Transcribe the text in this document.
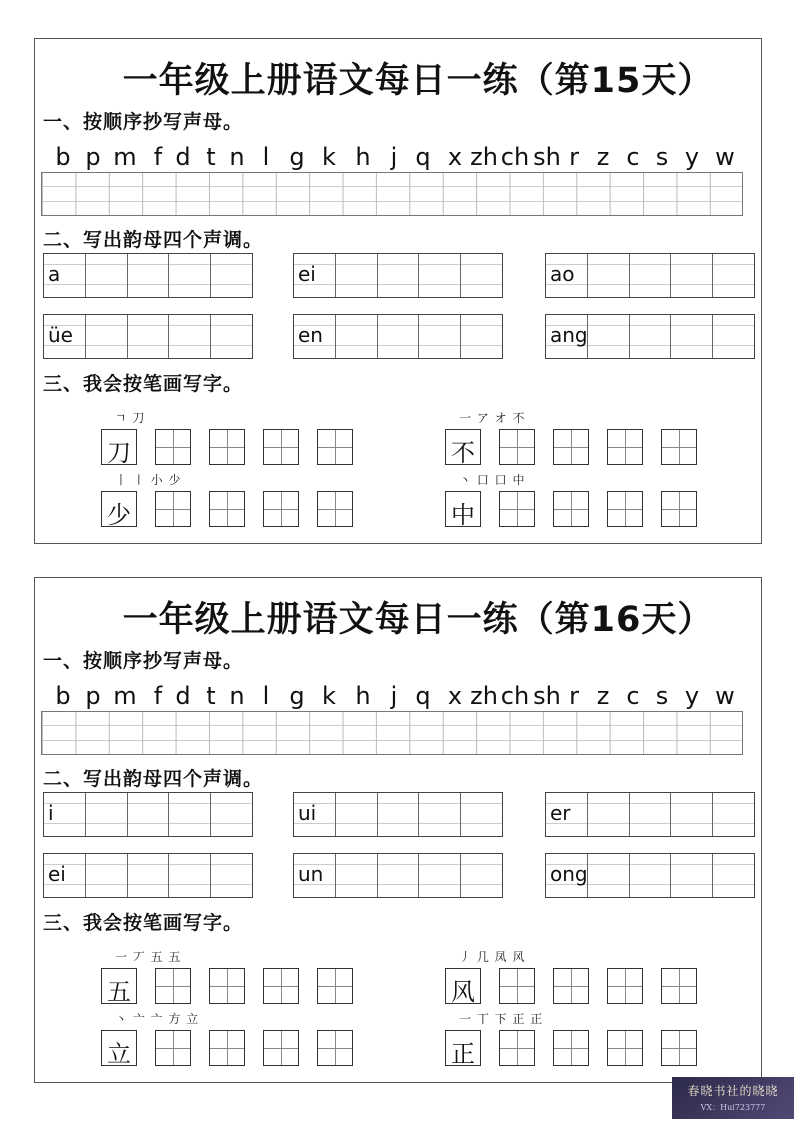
一年级上册语文每日一练（第15天）
一、按顺序抄写声母。
二、写出韵母四个声调。
三、我会按笔画写字。
b p m f d t n l g k h j q x zh ch sh r z c s y w
a	ei	ao
üe	en	ang
ㄱ 刀
刀
一 ア オ 不
不
丨 ㇑ 小 少
少
丶 口 口 中
中
一年级上册语文每日一练（第16天）
一、按顺序抄写声母。
二、写出韵母四个声调。
三、我会按笔画写字。
b p m f d t n l g k h j q x zh ch sh r z c s y w
i	ui	er
ei	un	ong
一 丆 五 五
五
丿 几 凤 风
风
丶 亠 亠 方 立
立
一 丅 下 正 正
正
春晓书社的晓晓
VX：Hui723777
